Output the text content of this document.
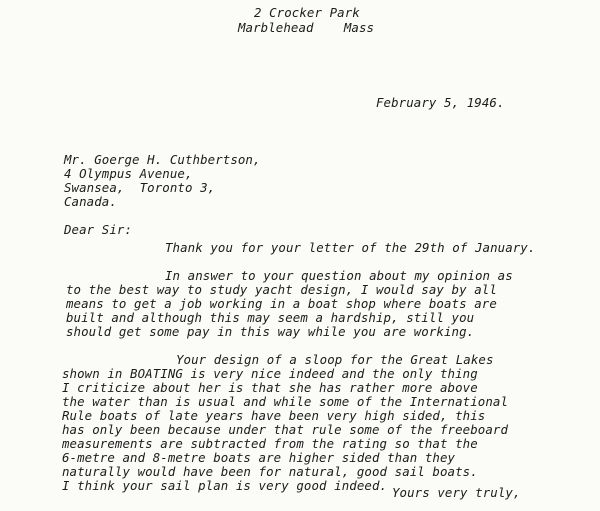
2 Crocker Park
Marblehead    Mass
February 5, 1946.
Mr. Goerge H. Cuthbertson,
4 Olympus Avenue,
Swansea,  Toronto 3,
Canada.
Dear Sir:
Thank you for your letter of the 29th of January.
In answer to your question about my opinion as
to the best way to study yacht design, I would say by all
means to get a job working in a boat shop where boats are
built and although this may seem a hardship, still you
should get some pay in this way while you are working.
Your design of a sloop for the Great Lakes
shown in BOATING is very nice indeed and the only thing
I criticize about her is that she has rather more above
the water than is usual and while some of the International
Rule boats of late years have been very high sided, this
has only been because under that rule some of the freeboard
measurements are subtracted from the rating so that the
6-metre and 8-metre boats are higher sided than they
naturally would have been for natural, good sail boats.
I think your sail plan is very good indeed. Yours very truly,
